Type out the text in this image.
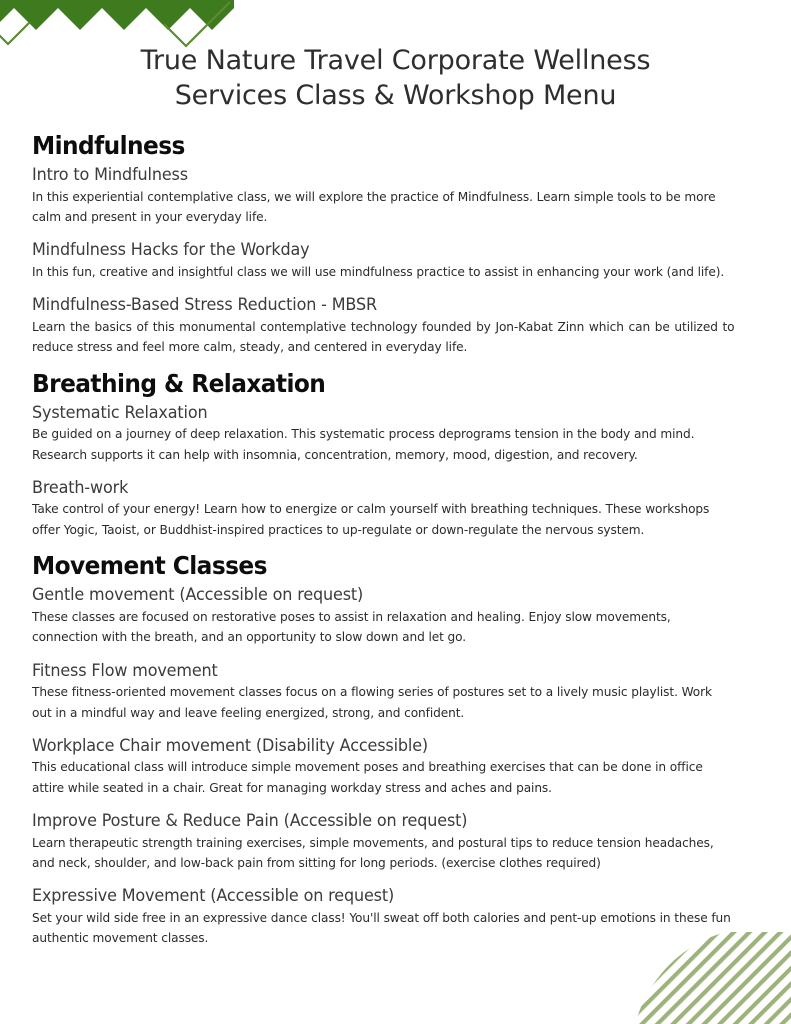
True Nature Travel Corporate Wellness
Services Class & Workshop Menu
Mindfulness
Intro to Mindfulness

In this experiential contemplative class, we will explore the practice of Mindfulness. Learn simple tools to be more calm and present in your everyday life.

Mindfulness Hacks for the Workday

In this fun, creative and insightful class we will use mindfulness practice to assist in enhancing your work (and life).

Mindfulness-Based Stress Reduction - MBSR

Learn the basics of this monumental contemplative technology founded by Jon-Kabat Zinn which can be utilized to reduce stress and feel more calm, steady, and centered in everyday life.

Breathing & Relaxation
Systematic Relaxation

Be guided on a journey of deep relaxation. This systematic process deprograms tension in the body and mind. Research supports it can help with insomnia, concentration, memory, mood, digestion, and recovery.

Breath-work

Take control of your energy! Learn how to energize or calm yourself with breathing techniques. These workshops offer Yogic, Taoist, or Buddhist-inspired practices to up-regulate or down-regulate the nervous system.

Movement Classes
Gentle movement (Accessible on request)

These classes are focused on restorative poses to assist in relaxation and healing. Enjoy slow movements, connection with the breath, and an opportunity to slow down and let go.

Fitness Flow movement

These fitness-oriented movement classes focus on a flowing series of postures set to a lively music playlist. Work out in a mindful way and leave feeling energized, strong, and confident.

Workplace Chair movement (Disability Accessible)

This educational class will introduce simple movement poses and breathing exercises that can be done in office attire while seated in a chair. Great for managing workday stress and aches and pains.

Improve Posture & Reduce Pain (Accessible on request)

Learn therapeutic strength training exercises, simple movements, and postural tips to reduce tension headaches, and neck, shoulder, and low-back pain from sitting for long periods. (exercise clothes required)

Expressive Movement (Accessible on request)

Set your wild side free in an expressive dance class! You'll sweat off both calories and pent-up emotions in these fun authentic movement classes.
